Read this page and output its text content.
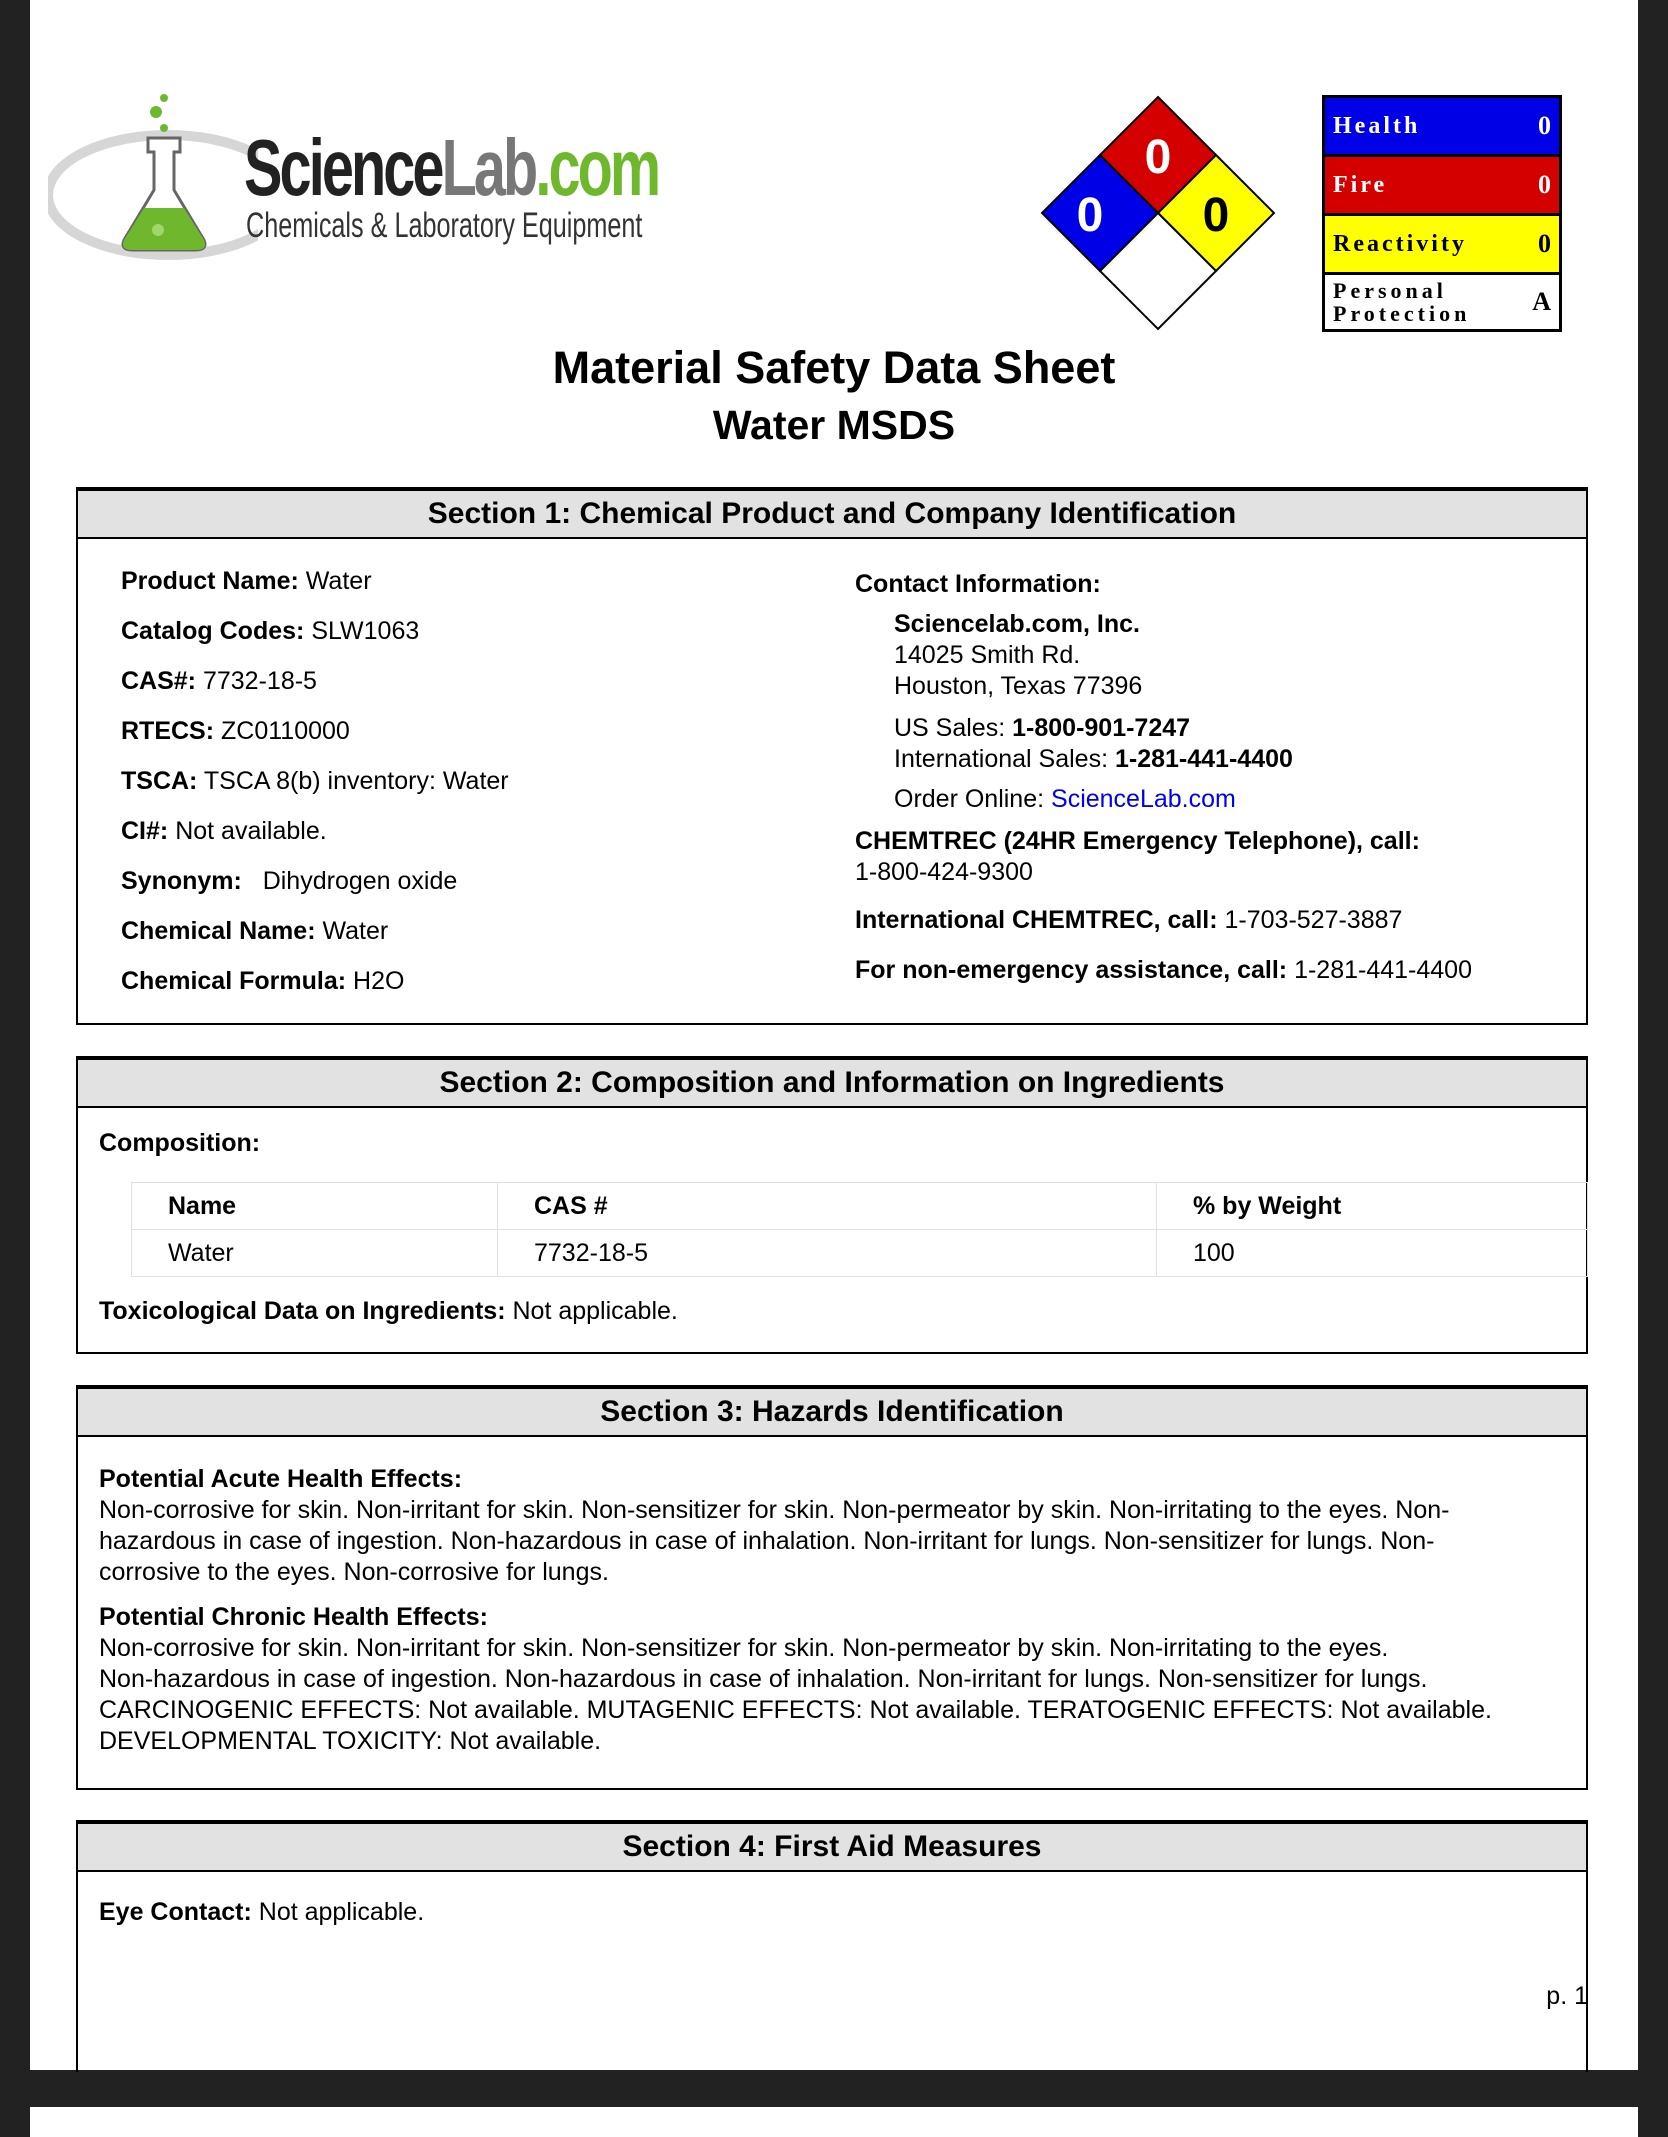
ScienceLab.com
Chemicals & Laboratory Equipment
0
0 0
Health	0
Fire	0
Reactivity	0
Personal
Protection A
Material Safety Data Sheet
Water MSDS
Section 1: Chemical Product and Company Identification
Product Name: Water
Catalog Codes: SLW1063
CAS#: 7732-18-5
RTECS: ZC0110000
TSCA: TSCA 8(b) inventory: Water
CI#: Not available.
Synonym: Dihydrogen oxide
Chemical Name: Water
Chemical Formula: H2O
Contact Information:
Sciencelab.com, Inc.
14025 Smith Rd.
Houston, Texas 77396
US Sales: 1-800-901-7247
International Sales: 1-281-441-4400
Order Online: ScienceLab.com
CHEMTREC (24HR Emergency Telephone), call:
1-800-424-9300
International CHEMTREC, call: 1-703-527-3887
For non-emergency assistance, call: 1-281-441-4400
Section 2: Composition and Information on Ingredients
Composition:
Name	CAS #	% by Weight
Water	7732-18-5	100
Toxicological Data on Ingredients: Not applicable.
Section 3: Hazards Identification
Potential Acute Health Effects:
Non-corrosive for skin. Non-irritant for skin. Non-sensitizer for skin. Non-permeator by skin. Non-irritating to the eyes. Non-
hazardous in case of ingestion. Non-hazardous in case of inhalation. Non-irritant for lungs. Non-sensitizer for lungs. Non-
corrosive to the eyes. Non-corrosive for lungs.
Potential Chronic Health Effects:
Non-corrosive for skin. Non-irritant for skin. Non-sensitizer for skin. Non-permeator by skin. Non-irritating to the eyes.
Non-hazardous in case of ingestion. Non-hazardous in case of inhalation. Non-irritant for lungs. Non-sensitizer for lungs.
CARCINOGENIC EFFECTS: Not available. MUTAGENIC EFFECTS: Not available. TERATOGENIC EFFECTS: Not available.
DEVELOPMENTAL TOXICITY: Not available.
Section 4: First Aid Measures
Eye Contact: Not applicable.
p. 1
